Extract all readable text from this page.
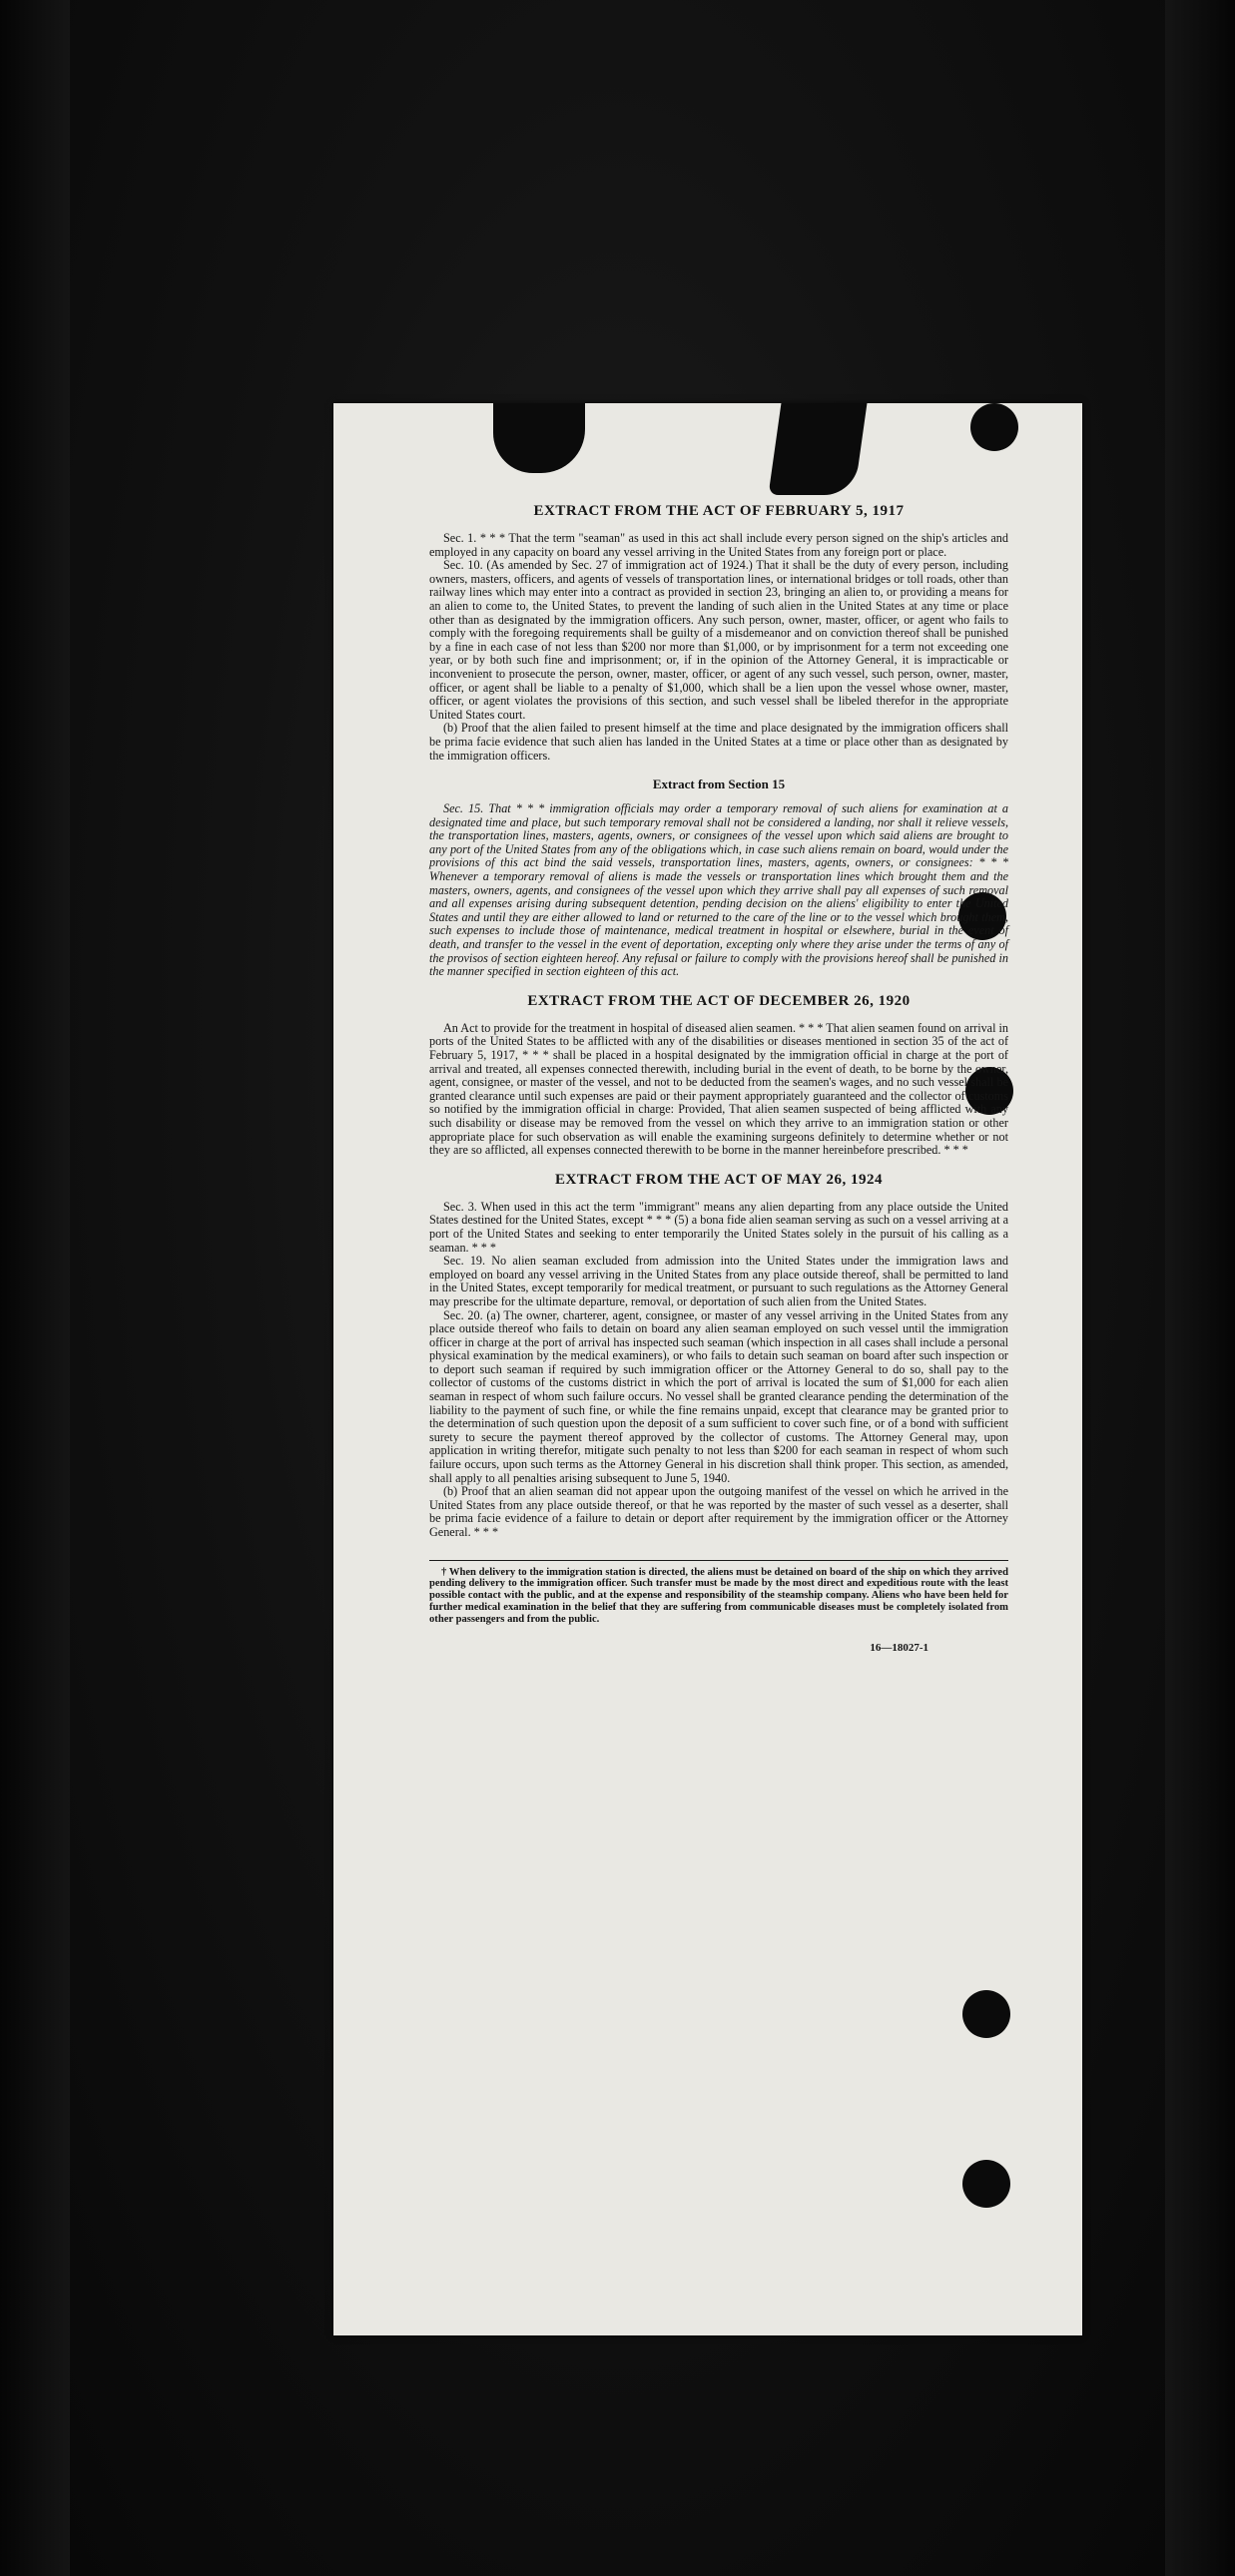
EXTRACT FROM THE ACT OF FEBRUARY 5, 1917

Sec. 1. * * * That the term "seaman" as used in this act shall include every person signed on the ship's articles and employed in any capacity on board any vessel arriving in the United States from any foreign port or place.

Sec. 10. (As amended by Sec. 27 of immigration act of 1924.) That it shall be the duty of every person, including owners, masters, officers, and agents of vessels of transportation lines, or international bridges or toll roads, other than railway lines which may enter into a contract as provided in section 23, bringing an alien to, or providing a means for an alien to come to, the United States, to prevent the landing of such alien in the United States at any time or place other than as designated by the immigration officers. Any such person, owner, master, officer, or agent who fails to comply with the foregoing requirements shall be guilty of a misdemeanor and on conviction thereof shall be punished by a fine in each case of not less than $200 nor more than $1,000, or by imprisonment for a term not exceeding one year, or by both such fine and imprisonment; or, if in the opinion of the Attorney General, it is impracticable or inconvenient to prosecute the person, owner, master, officer, or agent of any such vessel, such person, owner, master, officer, or agent shall be liable to a penalty of $1,000, which shall be a lien upon the vessel whose owner, master, officer, or agent violates the provisions of this section, and such vessel shall be libeled therefor in the appropriate United States court.

(b) Proof that the alien failed to present himself at the time and place designated by the immigration officers shall be prima facie evidence that such alien has landed in the United States at a time or place other than as designated by the immigration officers.

Extract from Section 15

Sec. 15. That * * * immigration officials may order a temporary removal of such aliens for examination at a designated time and place, but such temporary removal shall not be considered a landing, nor shall it relieve vessels, the transportation lines, masters, agents, owners, or consignees of the vessel upon which said aliens are brought to any port of the United States from any of the obligations which, in case such aliens remain on board, would under the provisions of this act bind the said vessels, transportation lines, masters, agents, owners, or consignees: * * * Whenever a temporary removal of aliens is made the vessels or transportation lines which brought them and the masters, owners, agents, and consignees of the vessel upon which they arrive shall pay all expenses of such removal and all expenses arising during subsequent detention, pending decision on the aliens' eligibility to enter the United States and until they are either allowed to land or returned to the care of the line or to the vessel which brought them, such expenses to include those of maintenance, medical treatment in hospital or elsewhere, burial in the event of death, and transfer to the vessel in the event of deportation, excepting only where they arise under the terms of any of the provisos of section eighteen hereof. Any refusal or failure to comply with the provisions hereof shall be punished in the manner specified in section eighteen of this act.

EXTRACT FROM THE ACT OF DECEMBER 26, 1920

An Act to provide for the treatment in hospital of diseased alien seamen. * * * That alien seamen found on arrival in ports of the United States to be afflicted with any of the disabilities or diseases mentioned in section 35 of the act of February 5, 1917, * * * shall be placed in a hospital designated by the immigration official in charge at the port of arrival and treated, all expenses connected therewith, including burial in the event of death, to be borne by the owner, agent, consignee, or master of the vessel, and not to be deducted from the seamen's wages, and no such vessel shall be granted clearance until such expenses are paid or their payment appropriately guaranteed and the collector of customs so notified by the immigration official in charge: Provided, That alien seamen suspected of being afflicted with any such disability or disease may be removed from the vessel on which they arrive to an immigration station or other appropriate place for such observation as will enable the examining surgeons definitely to determine whether or not they are so afflicted, all expenses connected therewith to be borne in the manner hereinbefore prescribed. * * *

EXTRACT FROM THE ACT OF MAY 26, 1924

Sec. 3. When used in this act the term "immigrant" means any alien departing from any place outside the United States destined for the United States, except * * * (5) a bona fide alien seaman serving as such on a vessel arriving at a port of the United States and seeking to enter temporarily the United States solely in the pursuit of his calling as a seaman. * * *

Sec. 19. No alien seaman excluded from admission into the United States under the immigration laws and employed on board any vessel arriving in the United States from any place outside thereof, shall be permitted to land in the United States, except temporarily for medical treatment, or pursuant to such regulations as the Attorney General may prescribe for the ultimate departure, removal, or deportation of such alien from the United States.

Sec. 20. (a) The owner, charterer, agent, consignee, or master of any vessel arriving in the United States from any place outside thereof who fails to detain on board any alien seaman employed on such vessel until the immigration officer in charge at the port of arrival has inspected such seaman (which inspection in all cases shall include a personal physical examination by the medical examiners), or who fails to detain such seaman on board after such inspection or to deport such seaman if required by such immigration officer or the Attorney General to do so, shall pay to the collector of customs of the customs district in which the port of arrival is located the sum of $1,000 for each alien seaman in respect of whom such failure occurs. No vessel shall be granted clearance pending the determination of the liability to the payment of such fine, or while the fine remains unpaid, except that clearance may be granted prior to the determination of such question upon the deposit of a sum sufficient to cover such fine, or of a bond with sufficient surety to secure the payment thereof approved by the collector of customs. The Attorney General may, upon application in writing therefor, mitigate such penalty to not less than $200 for each seaman in respect of whom such failure occurs, upon such terms as the Attorney General in his discretion shall think proper. This section, as amended, shall apply to all penalties arising subsequent to June 5, 1940.

(b) Proof that an alien seaman did not appear upon the outgoing manifest of the vessel on which he arrived in the United States from any place outside thereof, or that he was reported by the master of such vessel as a deserter, shall be prima facie evidence of a failure to detain or deport after requirement by the immigration officer or the Attorney General. * * *

† When delivery to the immigration station is directed, the aliens must be detained on board of the ship on which they arrived pending delivery to the immigration officer. Such transfer must be made by the most direct and expeditious route with the least possible contact with the public, and at the expense and responsibility of the steamship company. Aliens who have been held for further medical examination in the belief that they are suffering from communicable diseases must be completely isolated from other passengers and from the public.

16—18027-1
